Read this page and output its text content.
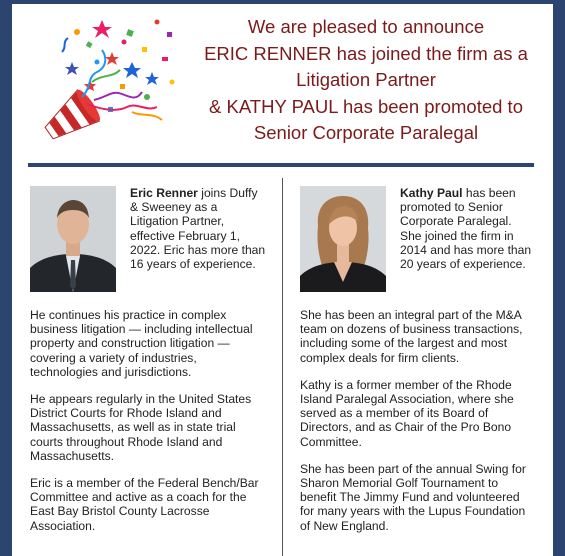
We are pleased to announce
ERIC RENNER has joined the firm as a
Litigation Partner
& KATHY PAUL has been promoted to
Senior Corporate Paralegal
Eric Renner joins Duffy & Sweeney as a Litigation Partner, effective February 1, 2022. Eric has more than 16 years of experience.

He continues his practice in complex business litigation — including intellectual property and construction litigation — covering a variety of industries, technologies and jurisdictions.

He appears regularly in the United States District Courts for Rhode Island and Massachusetts, as well as in state trial courts throughout Rhode Island and Massachusetts.

Eric is a member of the Federal Bench/Bar Committee and active as a coach for the East Bay Bristol County Lacrosse Association.

Kathy Paul has been promoted to Senior Corporate Paralegal. She joined the firm in 2014 and has more than 20 years of experience.

She has been an integral part of the M&A team on dozens of business transactions, including some of the largest and most complex deals for firm clients.

Kathy is a former member of the Rhode Island Paralegal Association, where she served as a member of its Board of Directors, and as Chair of the Pro Bono Committee.

She has been part of the annual Swing for Sharon Memorial Golf Tournament to benefit The Jimmy Fund and volunteered for many years with the Lupus Foundation of New England.
